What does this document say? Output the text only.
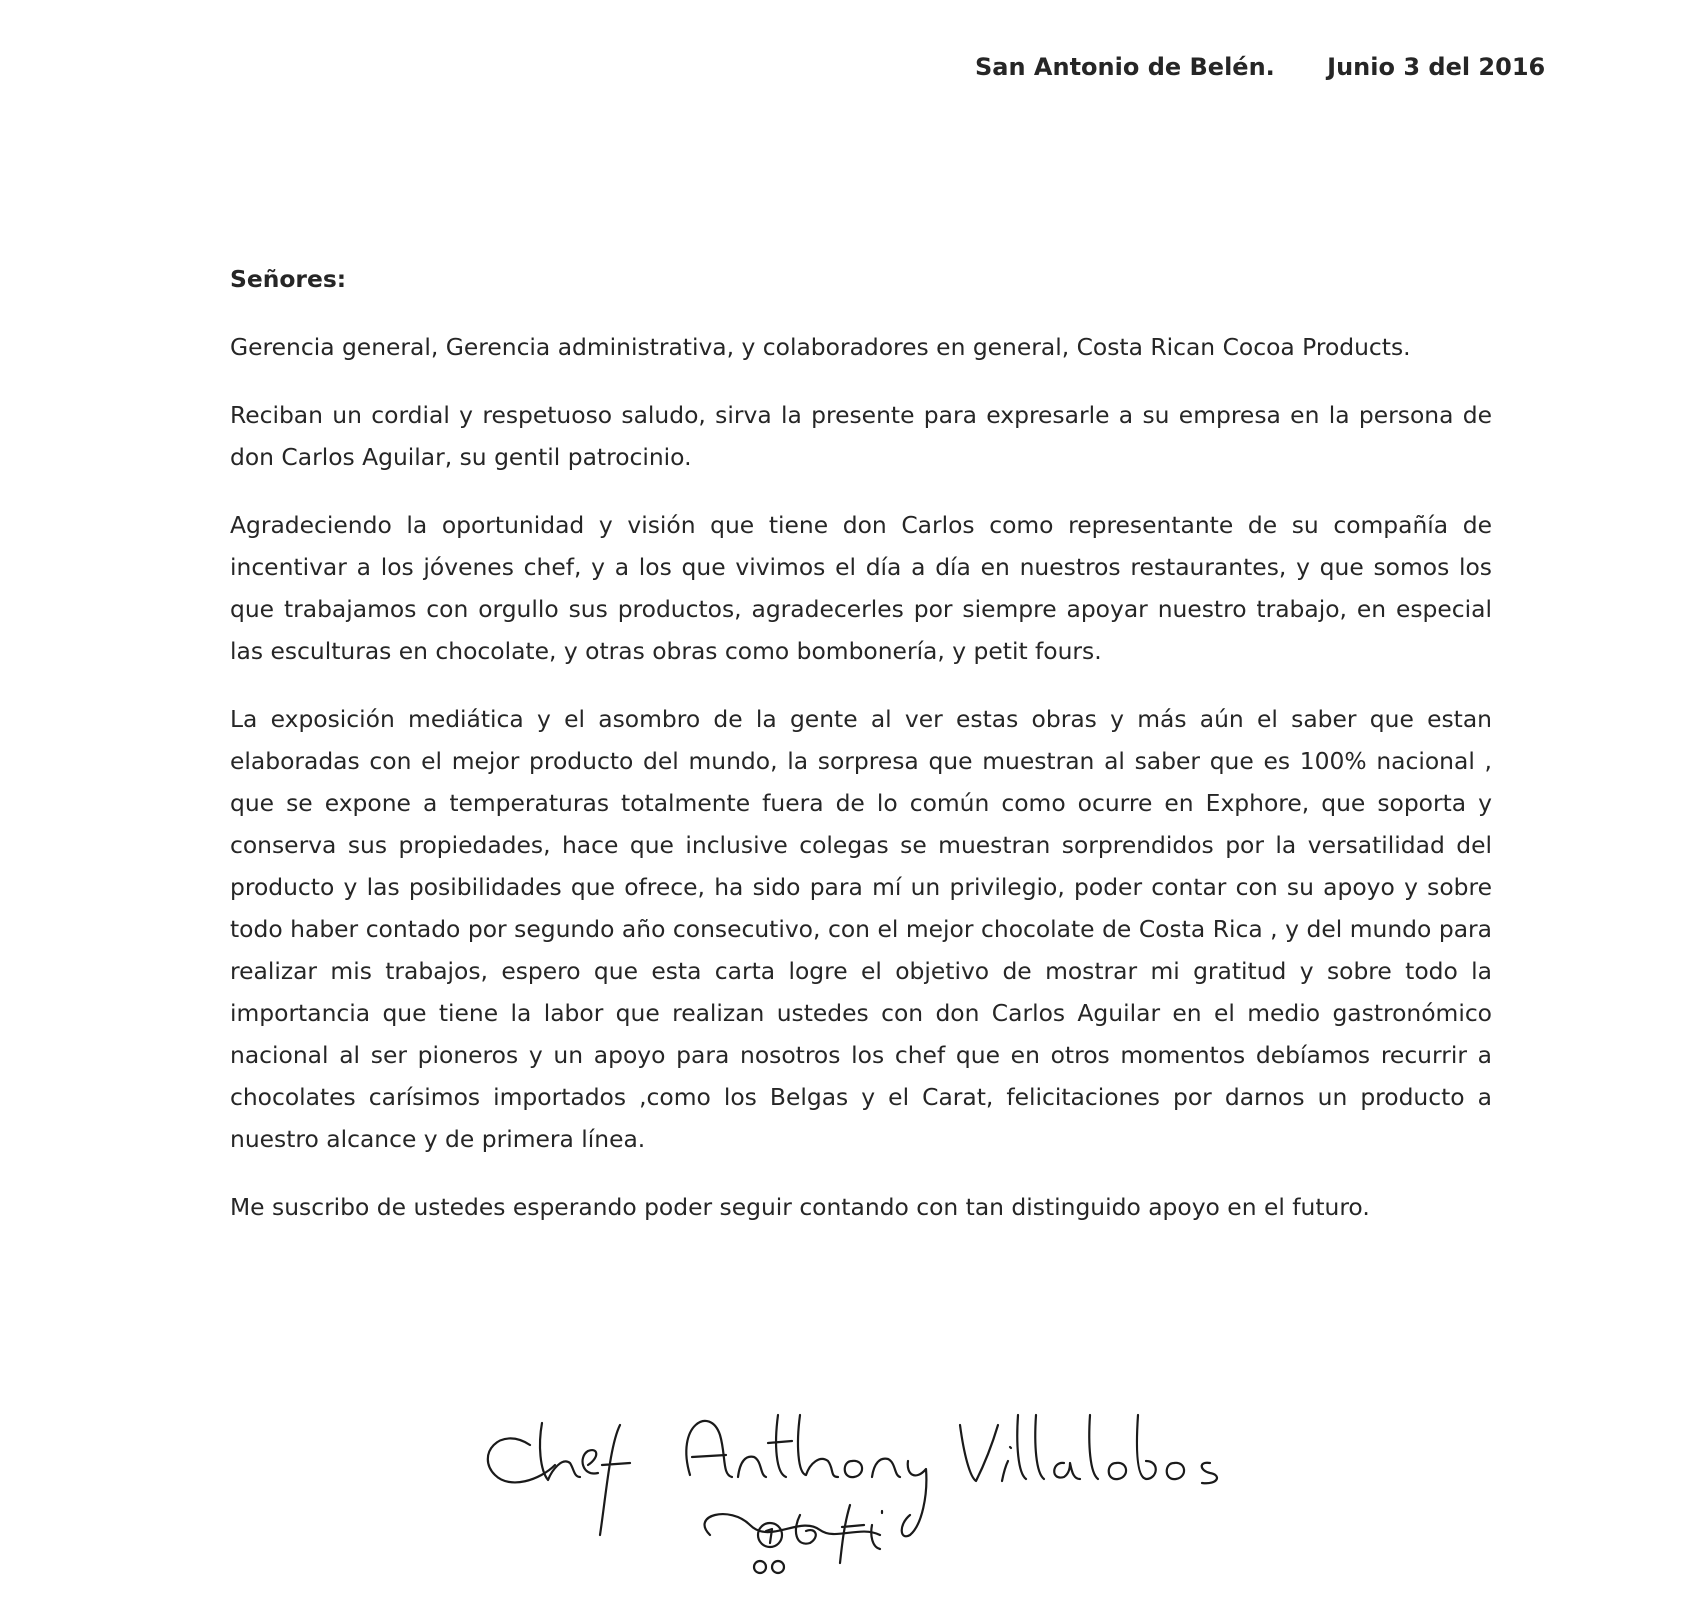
San Antonio de Belén. Junio 3 del 2016

Señores:

Gerencia general, Gerencia administrativa, y colaboradores en general, Costa Rican Cocoa Products.

Reciban un cordial y respetuoso saludo, sirva la presente para expresarle a su empresa en la persona de don Carlos Aguilar, su gentil patrocinio.

Agradeciendo la oportunidad y visión que tiene don Carlos como representante de su compañía de incentivar a los jóvenes chef, y a los que vivimos el día a día en nuestros restaurantes, y que somos los que trabajamos con orgullo sus productos, agradecerles por siempre apoyar nuestro trabajo, en especial las esculturas en chocolate, y otras obras como bombonería, y petit fours.

La exposición mediática y el asombro de la gente al ver estas obras y más aún el saber que estan elaboradas con el mejor producto del mundo, la sorpresa que muestran al saber que es 100% nacional , que se expone a temperaturas totalmente fuera de lo común como ocurre en Exphore, que soporta y conserva sus propiedades, hace que inclusive colegas se muestran sorprendidos por la versatilidad del producto y las posibilidades que ofrece, ha sido para mí un privilegio, poder contar con su apoyo y sobre todo haber contado por segundo año consecutivo, con el mejor chocolate de Costa Rica , y del mundo para realizar mis trabajos, espero que esta carta logre el objetivo de mostrar mi gratitud y sobre todo la importancia que tiene la labor que realizan ustedes con don Carlos Aguilar en el medio gastronómico nacional al ser pioneros y un apoyo para nosotros los chef que en otros momentos debíamos recurrir a chocolates carísimos importados ,como los Belgas y el Carat, felicitaciones por darnos un producto a nuestro alcance y de primera línea.

Me suscribo de ustedes esperando poder seguir contando con tan distinguido apoyo en el futuro.
